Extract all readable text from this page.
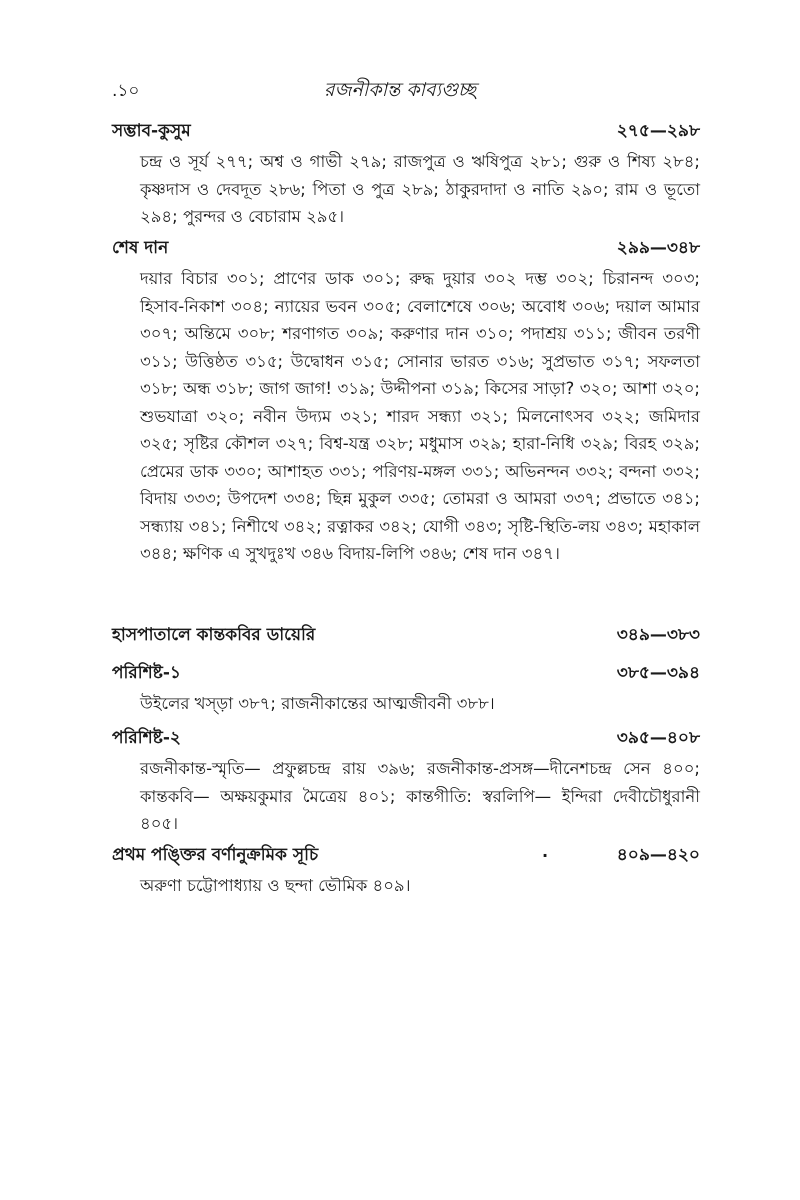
.১০	রজনীকান্ত কাব্যগুচ্ছ
সম্ভাব-কুসুম	২৭৫—২৯৮
চন্দ্র ও সূর্য ২৭৭; অশ্ব ও গাভী ২৭৯; রাজপুত্র ও ঋষিপুত্র ২৮১; গুরু ও শিষ্য ২৮৪; কৃষ্ণদাস ও দেবদূত ২৮৬; পিতা ও পুত্র ২৮৯; ঠাকুরদাদা ও নাতি ২৯০; রাম ও ভূতো ২৯৪; পুরন্দর ও বেচারাম ২৯৫।
শেষ দান	২৯৯—৩৪৮
দয়ার বিচার ৩০১; প্রাণের ডাক ৩০১; রুদ্ধ দুয়ার ৩০২ দম্ভ ৩০২; চিরানন্দ ৩০৩; হিসাব-নিকাশ ৩০৪; ন্যায়ের ভবন ৩০৫; বেলাশেষে ৩০৬; অবোধ ৩০৬; দয়াল আমার ৩০৭; অন্তিমে ৩০৮; শরণাগত ৩০৯; করুণার দান ৩১০; পদাশ্রয় ৩১১; জীবন তরণী ৩১১; উত্তিষ্ঠত ৩১৫; উদ্বোধন ৩১৫; সোনার ভারত ৩১৬; সুপ্রভাত ৩১৭; সফলতা ৩১৮; অন্ধ ৩১৮; জাগ জাগ! ৩১৯; উদ্দীপনা ৩১৯; কিসের সাড়া? ৩২০; আশা ৩২০; শুভযাত্রা ৩২০; নবীন উদ্যম ৩২১; শারদ সন্ধ্যা ৩২১; মিলনোৎসব ৩২২; জমিদার ৩২৫; সৃষ্টির কৌশল ৩২৭; বিশ্ব-যন্ত্র ৩২৮; মধুমাস ৩২৯; হারা-নিধি ৩২৯; বিরহ ৩২৯; প্রেমের ডাক ৩৩০; আশাহত ৩৩১; পরিণয়-মঙ্গল ৩৩১; অভিনন্দন ৩৩২; বন্দনা ৩৩২; বিদায় ৩৩৩; উপদেশ ৩৩৪; ছিন্ন মুকুল ৩৩৫; তোমরা ও আমরা ৩৩৭; প্রভাতে ৩৪১; সন্ধ্যায় ৩৪১; নিশীথে ৩৪২; রত্নাকর ৩৪২; যোগী ৩৪৩; সৃষ্টি-স্থিতি-লয় ৩৪৩; মহাকাল ৩৪৪; ক্ষণিক এ সুখদুঃখ ৩৪৬ বিদায়-লিপি ৩৪৬; শেষ দান ৩৪৭।
হাসপাতালে কান্তকবির ডায়েরি	৩৪৯—৩৮৩
পরিশিষ্ট-১	৩৮৫—৩৯৪
উইলের খস্ড়া ৩৮৭; রাজনীকান্তের আত্মজীবনী ৩৮৮।
পরিশিষ্ট-২	৩৯৫—৪০৮
রজনীকান্ত-স্মৃতি— প্রফুল্লচন্দ্র রায় ৩৯৬; রজনীকান্ত-প্রসঙ্গ—দীনেশচন্দ্র সেন ৪০০; কান্তকবি— অক্ষয়কুমার মৈত্রেয় ৪০১; কান্তগীতি: স্বরলিপি— ইন্দিরা দেবীচৌধুরানী ৪০৫।
প্রথম পঙ্ক্তির বর্ণানুক্রমিক সূচি	.	৪০৯—৪২০
অরুণা চট্টোপাধ্যায় ও ছন্দা ভৌমিক ৪০৯।
